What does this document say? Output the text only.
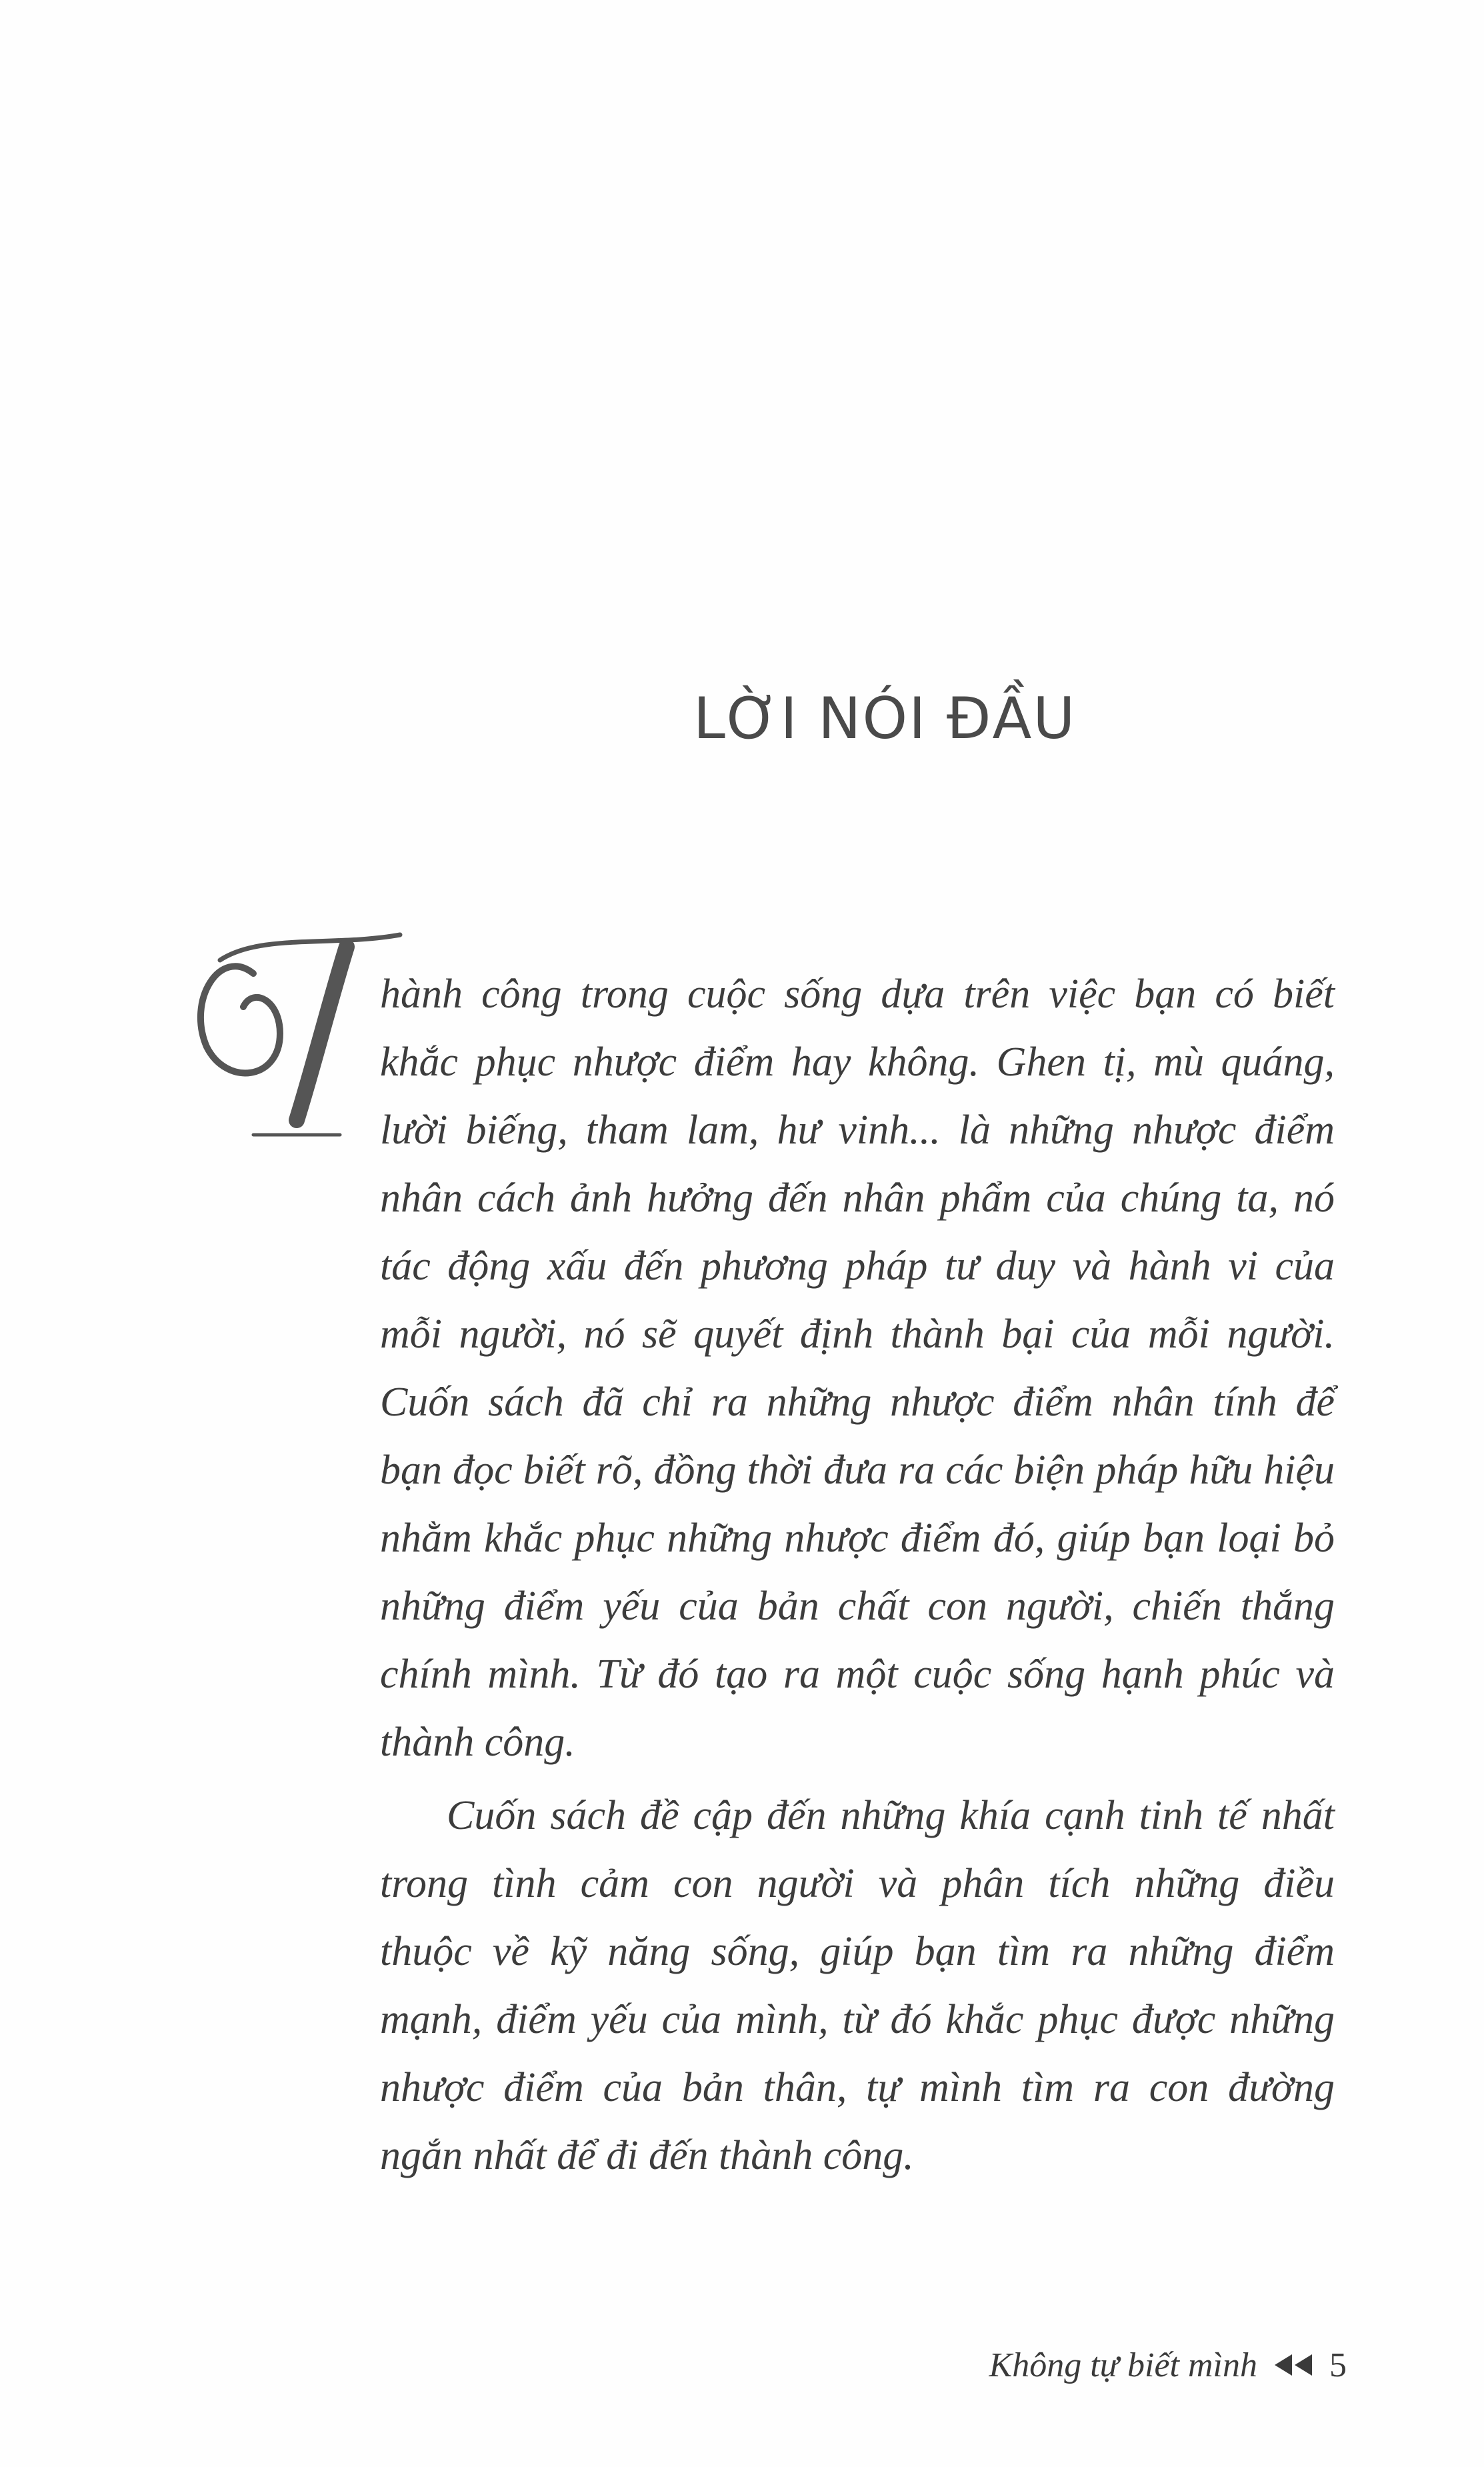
LỜI NÓI ĐẦU

hành công trong cuộc sống dựa trên việc bạn có biết
khắc phục nhược điểm hay không. Ghen tị, mù quáng,
lười biếng, tham lam, hư vinh... là những nhược điểm
nhân cách ảnh hưởng đến nhân phẩm của chúng ta, nó
tác động xấu đến phương pháp tư duy và hành vi của
mỗi người, nó sẽ quyết định thành bại của mỗi người.
Cuốn sách đã chỉ ra những nhược điểm nhân tính để
bạn đọc biết rõ, đồng thời đưa ra các biện pháp hữu hiệu
nhằm khắc phục những nhược điểm đó, giúp bạn loại bỏ
những điểm yếu của bản chất con người, chiến thắng
chính mình. Từ đó tạo ra một cuộc sống hạnh phúc và
thành công.

Cuốn sách đề cập đến những khía cạnh tinh tế nhất
trong tình cảm con người và phân tích những điều
thuộc về kỹ năng sống, giúp bạn tìm ra những điểm
mạnh, điểm yếu của mình, từ đó khắc phục được những
nhược điểm của bản thân, tự mình tìm ra con đường
ngắn nhất để đi đến thành công.

Không tự biết mình 5
